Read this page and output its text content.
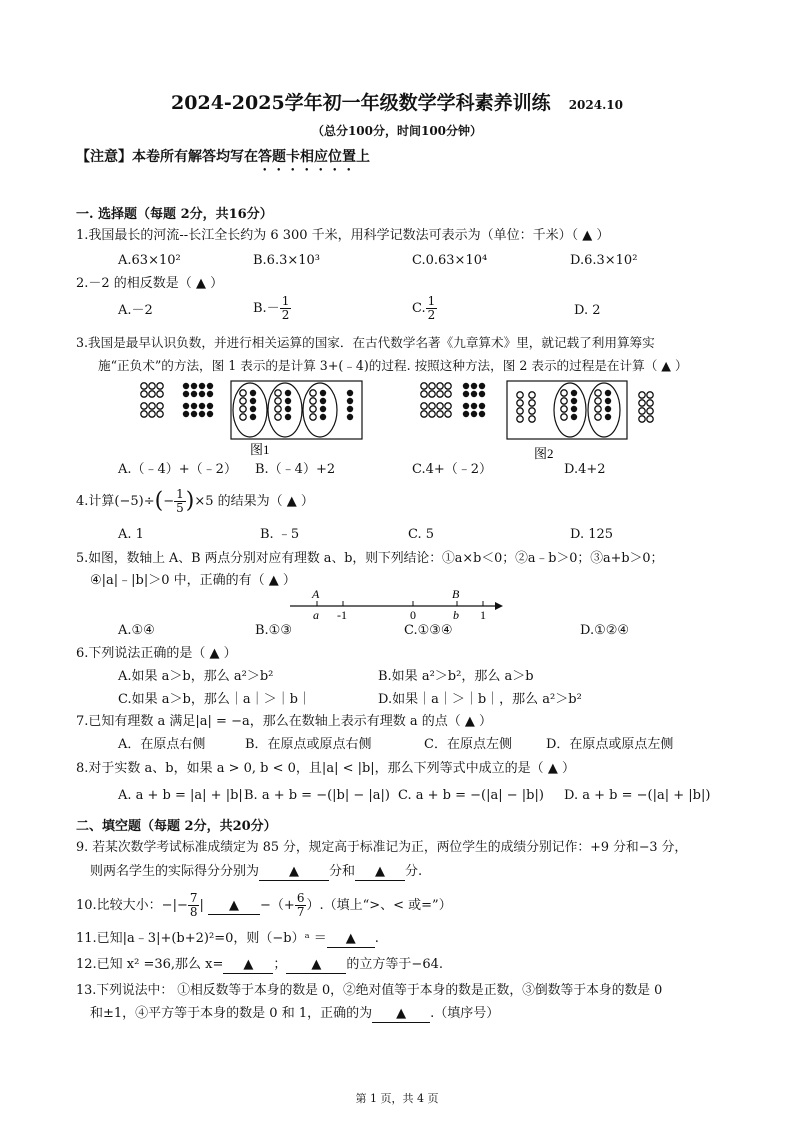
2024-2025学年初一年级数学学科素养训练 2024.10
（总分100分，时间100分钟）
【注意】本卷所有解答均写在答题卡相应位置上
一. 选择题（每题 2分，共16分）
1.我国最长的河流--长江全长约为 6 300 千米，用科学记数法可表示为（单位：千米）（ ▲ ）
A.63×10²	B.6.3×10³	C.0.63×10⁴	D.6.3×10²
2.－2 的相反数是（ ▲ ）
A.－2	$B.- \frac{1}{2}$	C. $\frac{1}{2}$	D. 2
3.我国是最早认识负数，并进行相关运算的国家．在古代数学名著《九章算术》里，就记载了利用算筹实
施“正负术”的方法，图 1 表示的是计算 3+(﹣4)的过程. 按照这种方法，图 2 表示的过程是在计算（ ▲ ）
图1	图2
A.（﹣4）+（﹣2） B.（﹣4）+2	C.4+（﹣2）	D.4+2
4.计算$(-5)\div(- \frac{1}{5} )\times 5$ 的结果为（ ▲ ）
A. 1	B. ﹣5	C. 5	D. 125
5.如图，数轴上 A、B 两点分别对应有理数 a、b，则下列结论：①a×b＜0；②a﹣b＞0；③a+b＞0；
④|a|﹣|b|＞0 中，正确的有（ ▲ ）
A	B
a -1	0	b 1
A.①④	B.①③	C.①③④	D.①②④
6.下列说法正确的是（ ▲ ）
A.如果 a＞b，那么 a²＞b²	B.如果 a²＞b²，那么 a＞b
C.如果 a＞b，那么｜a｜＞｜b｜	D.如果｜a｜＞｜b｜，那么 a²＞b²
7.已知有理数 a 满足|a| = −a，那么在数轴上表示有理数 a 的点（ ▲ ）
A．在原点右侧	B．在原点或原点右侧	C．在原点左侧	D．在原点或原点左侧
8.对于实数 a、b，如果 a > 0, b < 0，且|a| < |b|，那么下列等式中成立的是（ ▲ ）
A. a + b = |a| + |b| B. a + b = −(|b| − |a|) C. a + b = −(|a| − |b|) D. a + b = −(|a| + |b|)
二、填空题（每题 2分，共20分）
9. 若某次数学考试标准成绩定为 85 分，规定高于标准记为正，两位学生的成绩分别记作：+9 分和−3 分，
则两名学生的实际得分分别为 ▲ 分和 ▲ 分.
10.比较大小：−|− $\frac{7}{8}$ | ▲ −（+ $\frac{6}{7}$ ）.（填上“>、< 或=”）
11.已知|a﹣3|+(b+2)²=0，则（−b）ᵃ ＝ ▲ .
12.已知 x² =36,那么 x= ▲ ； ▲ 的立方等于−64.
13.下列说法中： ①相反数等于本身的数是 0，②绝对值等于本身的数是正数，③倒数等于本身的数是 0
和±1，④平方等于本身的数是 0 和 1，正确的为 ▲ .（填序号）
第 1 页，共 4 页
